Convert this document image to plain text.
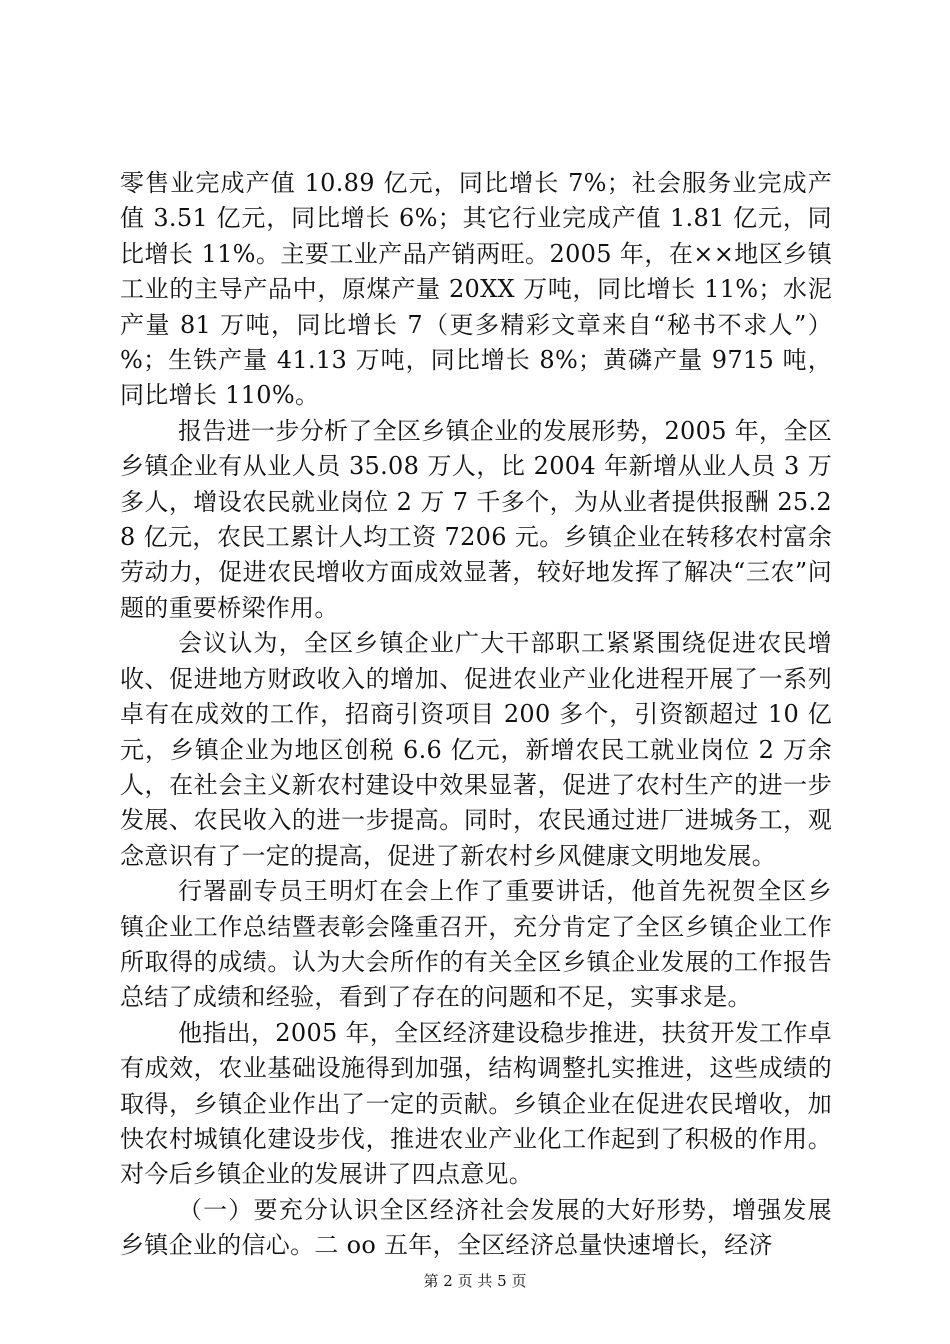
零售业完成产值 10.89 亿元，同比增长 7%；社会服务业完成产值 3.51 亿元，同比增长 6%；其它行业完成产值 1.81 亿元，同比增长 11%。主要工业产品产销两旺。2005 年，在××地区乡镇工业的主导产品中，原煤产量 20XX 万吨，同比增长 11%；水泥产量 81 万吨，同比增长 7（更多精彩文章来自“秘书不求人”）%；生铁产量 41.13 万吨，同比增长 8%；黄磷产量 9715 吨，同比增长 110%。

报告进一步分析了全区乡镇企业的发展形势，2005 年，全区乡镇企业有从业人员 35.08 万人，比 2004 年新增从业人员 3 万多人，增设农民就业岗位 2 万 7 千多个，为从业者提供报酬 25.28 亿元，农民工累计人均工资 7206 元。乡镇企业在转移农村富余劳动力，促进农民增收方面成效显著，较好地发挥了解决“三农”问题的重要桥梁作用。

会议认为，全区乡镇企业广大干部职工紧紧围绕促进农民增收、促进地方财政收入的增加、促进农业产业化进程开展了一系列卓有在成效的工作，招商引资项目 200 多个，引资额超过 10 亿元，乡镇企业为地区创税 6.6 亿元，新增农民工就业岗位 2 万余人，在社会主义新农村建设中效果显著，促进了农村生产的进一步发展、农民收入的进一步提高。同时，农民通过进厂进城务工，观念意识有了一定的提高，促进了新农村乡风健康文明地发展。

行署副专员王明灯在会上作了重要讲话，他首先祝贺全区乡镇企业工作总结暨表彰会隆重召开，充分肯定了全区乡镇企业工作所取得的成绩。认为大会所作的有关全区乡镇企业发展的工作报告总结了成绩和经验，看到了存在的问题和不足，实事求是。

他指出，2005 年，全区经济建设稳步推进，扶贫开发工作卓有成效，农业基础设施得到加强，结构调整扎实推进，这些成绩的取得，乡镇企业作出了一定的贡献。乡镇企业在促进农民增收，加快农村城镇化建设步伐，推进农业产业化工作起到了积极的作用。对今后乡镇企业的发展讲了四点意见。

（一）要充分认识全区经济社会发展的大好形势，增强发展乡镇企业的信心。二 oo 五年，全区经济总量快速增长，经济

第 2 页 共 5 页
